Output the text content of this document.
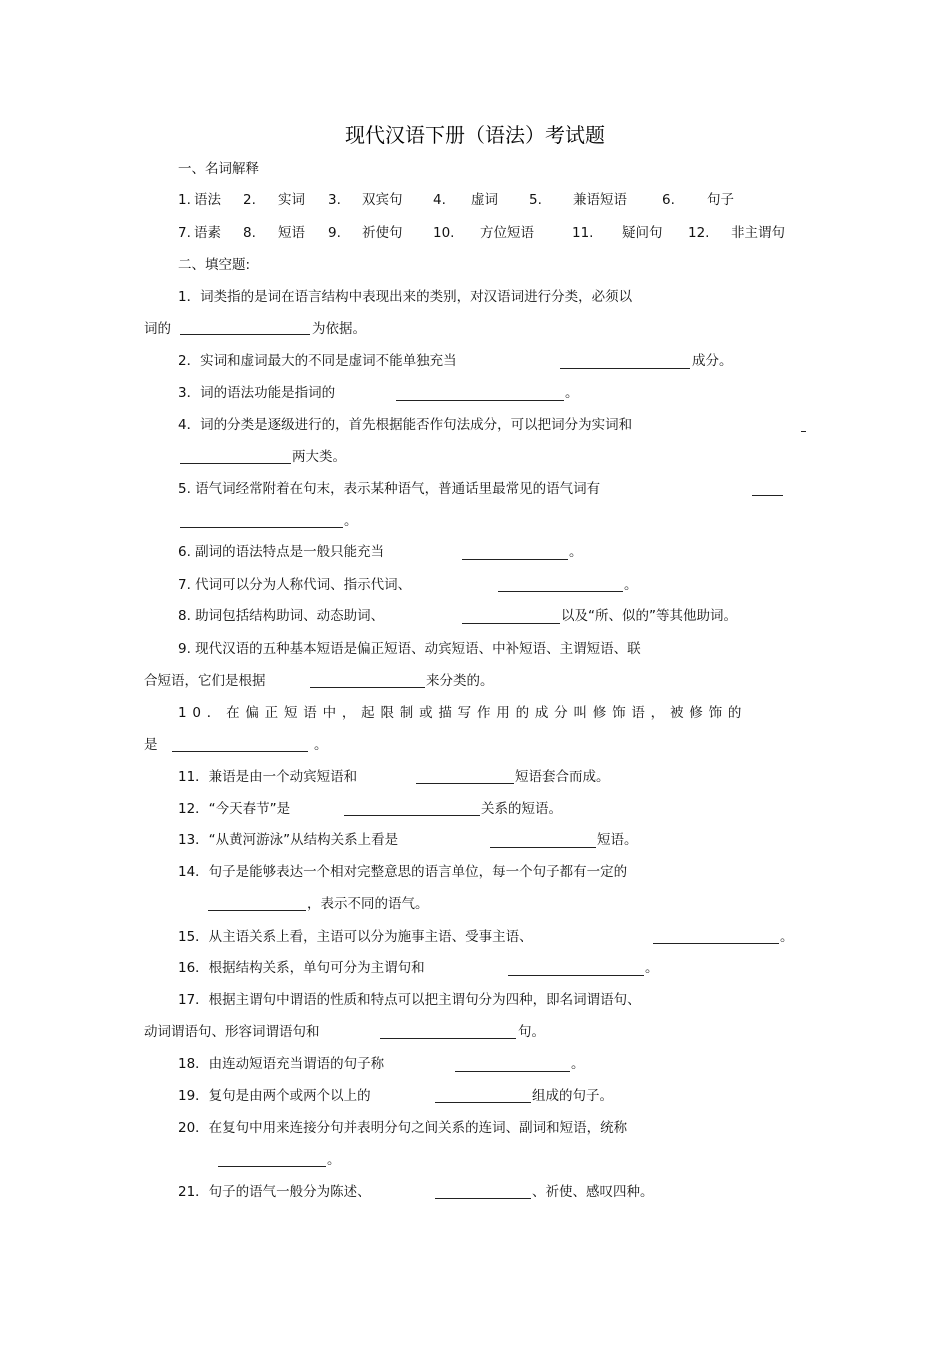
现代汉语下册（语法）考试题
一、名词解释
1. 语法 2. 实词 3. 双宾句 4. 虚词 5. 兼语短语	6. 句子
7. 语素 8. 短语 9. 祈使句 10. 方位短语	11. 疑问句 12. 非主谓句
二、填空题:
1．词类指的是词在语言结构中表现出来的类别，对汉语词进行分类，必须以
词的	为依据。
2．实词和虚词最大的不同是虚词不能单独充当	成分。
3．词的语法功能是指词的	。
4．词的分类是逐级进行的，首先根据能否作句法成分，可以把词分为实词和
两大类。
5. 语气词经常附着在句末，表示某种语气，普通话里最常见的语气词有
。
6. 副词的语法特点是一般只能充当	。
7. 代词可以分为人称代词、指示代词、	。
8. 助词包括结构助词、动态助词、	以及“所、似的”等其他助词。
9. 现代汉语的五种基本短语是偏正短语、动宾短语、中补短语、主谓短语、联
合短语，它们是根据	来分类的。
10．在偏正短语中，起限制或描写作用的成分叫修饰语，被修饰的
是	。
11．兼语是由一个动宾短语和	短语套合而成。
12．“今天春节”是	关系的短语。
13．“从黄河游泳”从结构关系上看是	短语。
14．句子是能够表达一个相对完整意思的语言单位，每一个句子都有一定的
，表示不同的语气。
15．从主语关系上看，主语可以分为施事主语、受事主语、	。
16．根据结构关系，单句可分为主谓句和	。
17．根据主谓句中谓语的性质和特点可以把主谓句分为四种，即名词谓语句、
动词谓语句、形容词谓语句和	句。
18．由连动短语充当谓语的句子称	。
19．复句是由两个或两个以上的	组成的句子。
20．在复句中用来连接分句并表明分句之间关系的连词、副词和短语，统称
。
21．句子的语气一般分为陈述、	、祈使、感叹四种。
